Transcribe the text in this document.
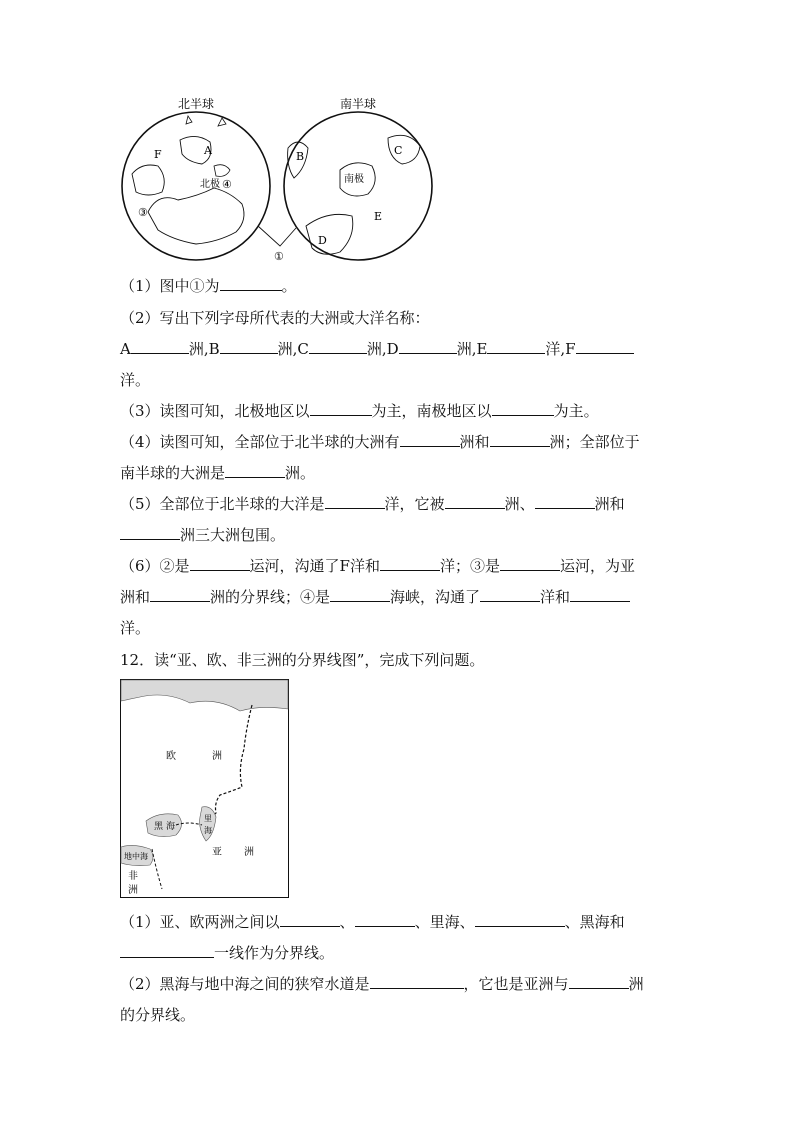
北半球	南半球
F	A
北极 ④
③
B	C
南极
E
D
①
（1）图中①为	。
（2）写出下列字母所代表的大洲或大洋名称：
A	洲,B	洲,C	洲,D	洲,E	洋,F
洋。
（3）读图可知，北极地区以	为主，南极地区以	为主。
（4）读图可知，全部位于北半球的大洲有	洲和	洲；全部位于
南半球的大洲是	洲。
（5）全部位于北半球的大洋是	洋，它被	洲、	洲和
洲三大洲包围。
（6）②是	运河，沟通了F洋和	洋；③是	运河，为亚
洲和	洲的分界线；④是	海峡，沟通了	洋和
洋。
12．读“亚、欧、非三洲的分界线图”，完成下列问题。
欧	洲
黑 海
里
海
亚 洲
地中海
非
洲
（1）亚、欧两洲之间以	、	、里海、	、黑海和
一线作为分界线。
（2）黑海与地中海之间的狭窄水道是	，它也是亚洲与	洲
的分界线。
